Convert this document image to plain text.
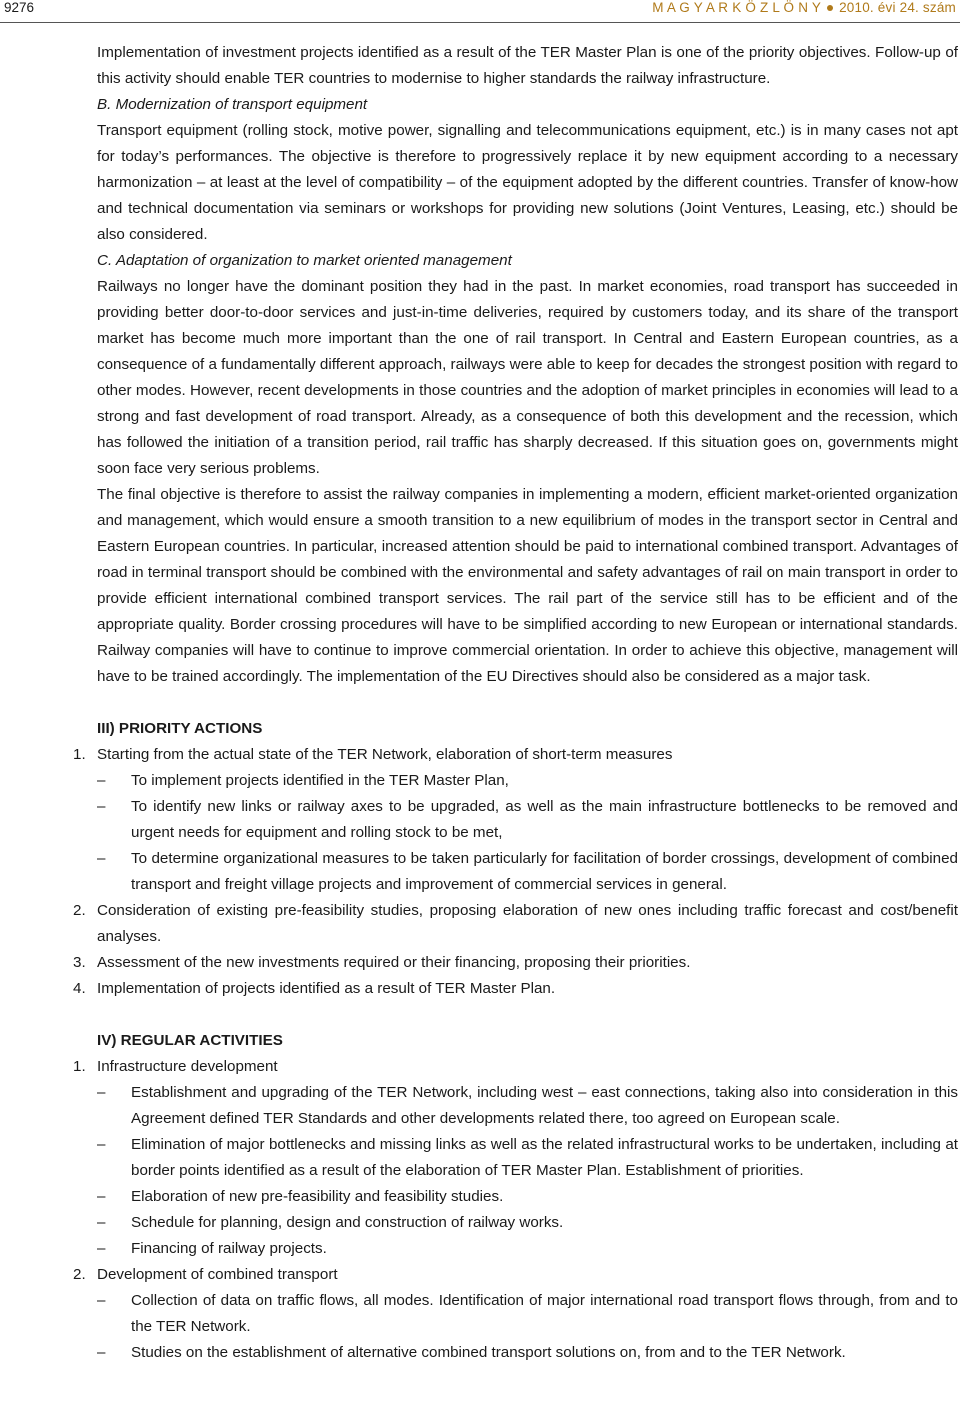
9276	M A G Y A R K Ö Z L Ö N Y 2010. évi 24. szám

Implementation of investment projects identified as a result of the TER Master Plan is one of the priority objectives. Follow-up of this activity should enable TER countries to modernise to higher standards the railway infrastructure.

B. Modernization of transport equipment

Transport equipment (rolling stock, motive power, signalling and telecommunications equipment, etc.) is in many cases not apt for today’s performances. The objective is therefore to progressively replace it by new equipment according to a necessary harmonization – at least at the level of compatibility – of the equipment adopted by the different countries. Transfer of know-how and technical documentation via seminars or workshops for providing new solutions (Joint Ventures, Leasing, etc.) should be also considered.

C. Adaptation of organization to market oriented management

Railways no longer have the dominant position they had in the past. In market economies, road transport has succeeded in providing better door-to-door services and just-in-time deliveries, required by customers today, and its share of the transport market has become much more important than the one of rail transport. In Central and Eastern European countries, as a consequence of a fundamentally different approach, railways were able to keep for decades the strongest position with regard to other modes. However, recent developments in those countries and the adoption of market principles in economies will lead to a strong and fast development of road transport. Already, as a consequence of both this development and the recession, which has followed the initiation of a transition period, rail traffic has sharply decreased. If this situation goes on, governments might soon face very serious problems.

The final objective is therefore to assist the railway companies in implementing a modern, efficient market-oriented organization and management, which would ensure a smooth transition to a new equilibrium of modes in the transport sector in Central and Eastern European countries. In particular, increased attention should be paid to international combined transport. Advantages of road in terminal transport should be combined with the environmental and safety advantages of rail on main transport in order to provide efficient international combined transport services. The rail part of the service still has to be efficient and of the appropriate quality. Border crossing procedures will have to be simplified according to new European or international standards. Railway companies will have to continue to improve commercial orientation. In order to achieve this objective, management will have to be trained accordingly. The implementation of the EU Directives should also be considered as a major task.

III) PRIORITY ACTIONS

1. Starting from the actual state of the TER Network, elaboration of short-term measures
–	To implement projects identified in the TER Master Plan,
–	To identify new links or railway axes to be upgraded, as well as the main infrastructure bottlenecks to be removed and urgent needs for equipment and rolling stock to be met,
–	To determine organizational measures to be taken particularly for facilitation of border crossings, development of combined transport and freight village projects and improvement of commercial services in general.
2. Consideration of existing pre-feasibility studies, proposing elaboration of new ones including traffic forecast and cost/benefit analyses.
3. Assessment of the new investments required or their financing, proposing their priorities.
4. Implementation of projects identified as a result of TER Master Plan.

IV) REGULAR ACTIVITIES

1. Infrastructure development
–	Establishment and upgrading of the TER Network, including west – east connections, taking also into consideration in this Agreement defined TER Standards and other developments related there, too agreed on European scale.
–	Elimination of major bottlenecks and missing links as well as the related infrastructural works to be undertaken, including at border points identified as a result of the elaboration of TER Master Plan. Establishment of priorities.
–	Elaboration of new pre-feasibility and feasibility studies.
–	Schedule for planning, design and construction of railway works.
–	Financing of railway projects.
2. Development of combined transport
–	Collection of data on traffic flows, all modes. Identification of major international road transport flows through, from and to the TER Network.
–	Studies on the establishment of alternative combined transport solutions on, from and to the TER Network.
